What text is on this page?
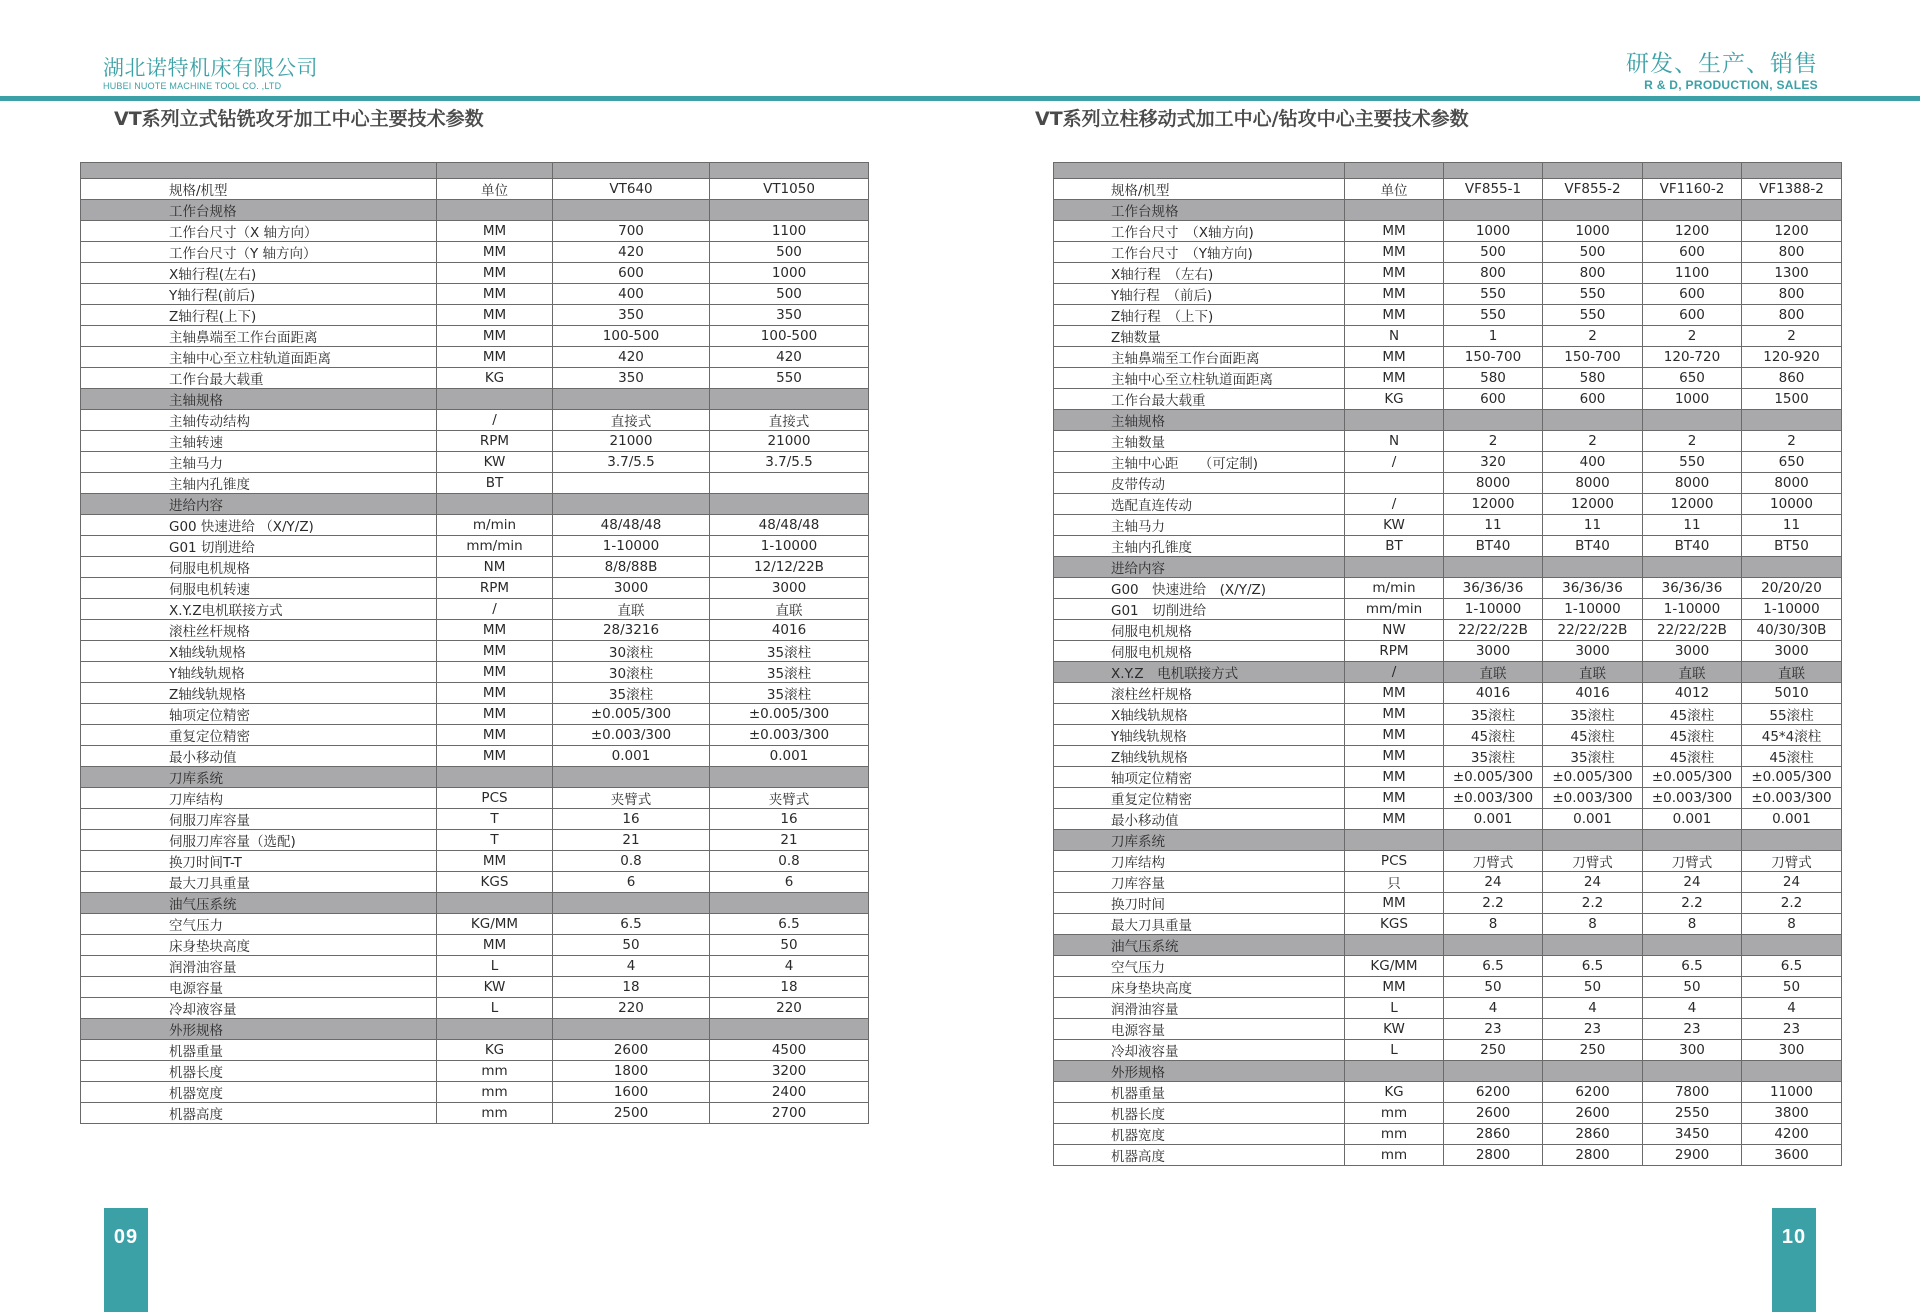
湖北诺特机床有限公司
HUBEI NUOTE MACHINE TOOL CO. ,LTD
研发、生产、销售
R & D, PRODUCTION, SALES
VT系列立式钻铣攻牙加工中心主要技术参数	VT系列立柱移动式加工中心/钻攻中心主要技术参数

规格/机型	单位	VT640	VT1050
工作台规格			
工作台尺寸（X 轴方向）	MM	700	1100
工作台尺寸（Y 轴方向）	MM	420	500
X轴行程(左右)	MM	600	1000
Y轴行程(前后)	MM	400	500
Z轴行程(上下)	MM	350	350
主轴鼻端至工作台面距离	MM	100-500	100-500
主轴中心至立柱轨道面距离	MM	420	420
工作台最大载重	KG	350	550
主轴规格			
主轴传动结构	/	直接式	直接式
主轴转速	RPM	21000	21000
主轴马力	KW	3.7/5.5	3.7/5.5
主轴内孔锥度	BT		
进给内容			
G00 快速进给 （X/Y/Z)	m/min	48/48/48	48/48/48
G01 切削进给	mm/min	1-10000	1-10000
伺服电机规格	NM	8/8/88B	12/12/22B
伺服电机转速	RPM	3000	3000
X.Y.Z电机联接方式	/	直联	直联
滚柱丝杆规格	MM	28/3216	4016
X轴线轨规格	MM	30滚柱	35滚柱
Y轴线轨规格	MM	30滚柱	35滚柱
Z轴线轨规格	MM	35滚柱	35滚柱
轴项定位精密	MM	±0.005/300	±0.005/300
重复定位精密	MM	±0.003/300	±0.003/300
最小移动值	MM	0.001	0.001
刀库系统			
刀库结构	PCS	夹臂式	夹臂式
伺服刀库容量	T	16	16
伺服刀库容量（选配)	T	21	21
换刀时间T-T	MM	0.8	0.8
最大刀具重量	KGS	6	6
油气压系统			
空气压力	KG/MM	6.5	6.5
床身垫块高度	MM	50	50
润滑油容量	L	4	4
电源容量	KW	18	18
冷却液容量	L	220	220
外形规格			
机器重量	KG	2600	4500
机器长度	mm	1800	3200
机器宽度	mm	1600	2400
机器高度	mm	2500	2700

规格/机型	单位	VF855-1	VF855-2	VF1160-2	VF1388-2
工作台规格					
工作台尺寸　（X轴方向)	MM	1000	1000	1200	1200
工作台尺寸　（Y轴方向)	MM	500	500	600	800
X轴行程　（左右)	MM	800	800	1100	1300
Y轴行程　（前后)	MM	550	550	600	800
Z轴行程　（上下)	MM	550	550	600	800
Z轴数量	N	1	2	2	2
主轴鼻端至工作台面距离	MM	150-700	150-700	120-720	120-920
主轴中心至立柱轨道面距离	MM	580	580	650	860
工作台最大载重	KG	600	600	1000	1500
主轴规格					
主轴数量	N	2	2	2	2
主轴中心距　　（可定制)	/	320	400	550	650
皮带传动		8000	8000	8000	8000
选配直连传动	/	12000	12000	12000	10000
主轴马力	KW	11	11	11	11
主轴内孔锥度	BT	BT40	BT40	BT40	BT50
进给内容					
G00　快速进给　(X/Y/Z)	m/min	36/36/36	36/36/36	36/36/36	20/20/20
G01　切削进给	mm/min	1-10000	1-10000	1-10000	1-10000
伺服电机规格	NW	22/22/22B	22/22/22B	22/22/22B	40/30/30B
伺服电机规格	RPM	3000	3000	3000	3000
X.Y.Z　电机联接方式	/	直联	直联	直联	直联
滚柱丝杆规格	MM	4016	4016	4012	5010
X轴线轨规格	MM	35滚柱	35滚柱	45滚柱	55滚柱
Y轴线轨规格	MM	45滚柱	45滚柱	45滚柱	45*4滚柱
Z轴线轨规格	MM	35滚柱	35滚柱	45滚柱	45滚柱
轴项定位精密	MM	±0.005/300	±0.005/300	±0.005/300	±0.005/300
重复定位精密	MM	±0.003/300	±0.003/300	±0.003/300	±0.003/300
最小移动值	MM	0.001	0.001	0.001	0.001
刀库系统					
刀库结构	PCS	刀臂式	刀臂式	刀臂式	刀臂式
刀库容量	只	24	24	24	24
换刀时间	MM	2.2	2.2	2.2	2.2
最大刀具重量	KGS	8	8	8	8
油气压系统					
空气压力	KG/MM	6.5	6.5	6.5	6.5
床身垫块高度	MM	50	50	50	50
润滑油容量	L	4	4	4	4
电源容量	KW	23	23	23	23
冷却液容量	L	250	250	300	300
外形规格					
机器重量	KG	6200	6200	7800	11000
机器长度	mm	2600	2600	2550	3800
机器宽度	mm	2860	2860	3450	4200
机器高度	mm	2800	2800	2900	3600
09	10
